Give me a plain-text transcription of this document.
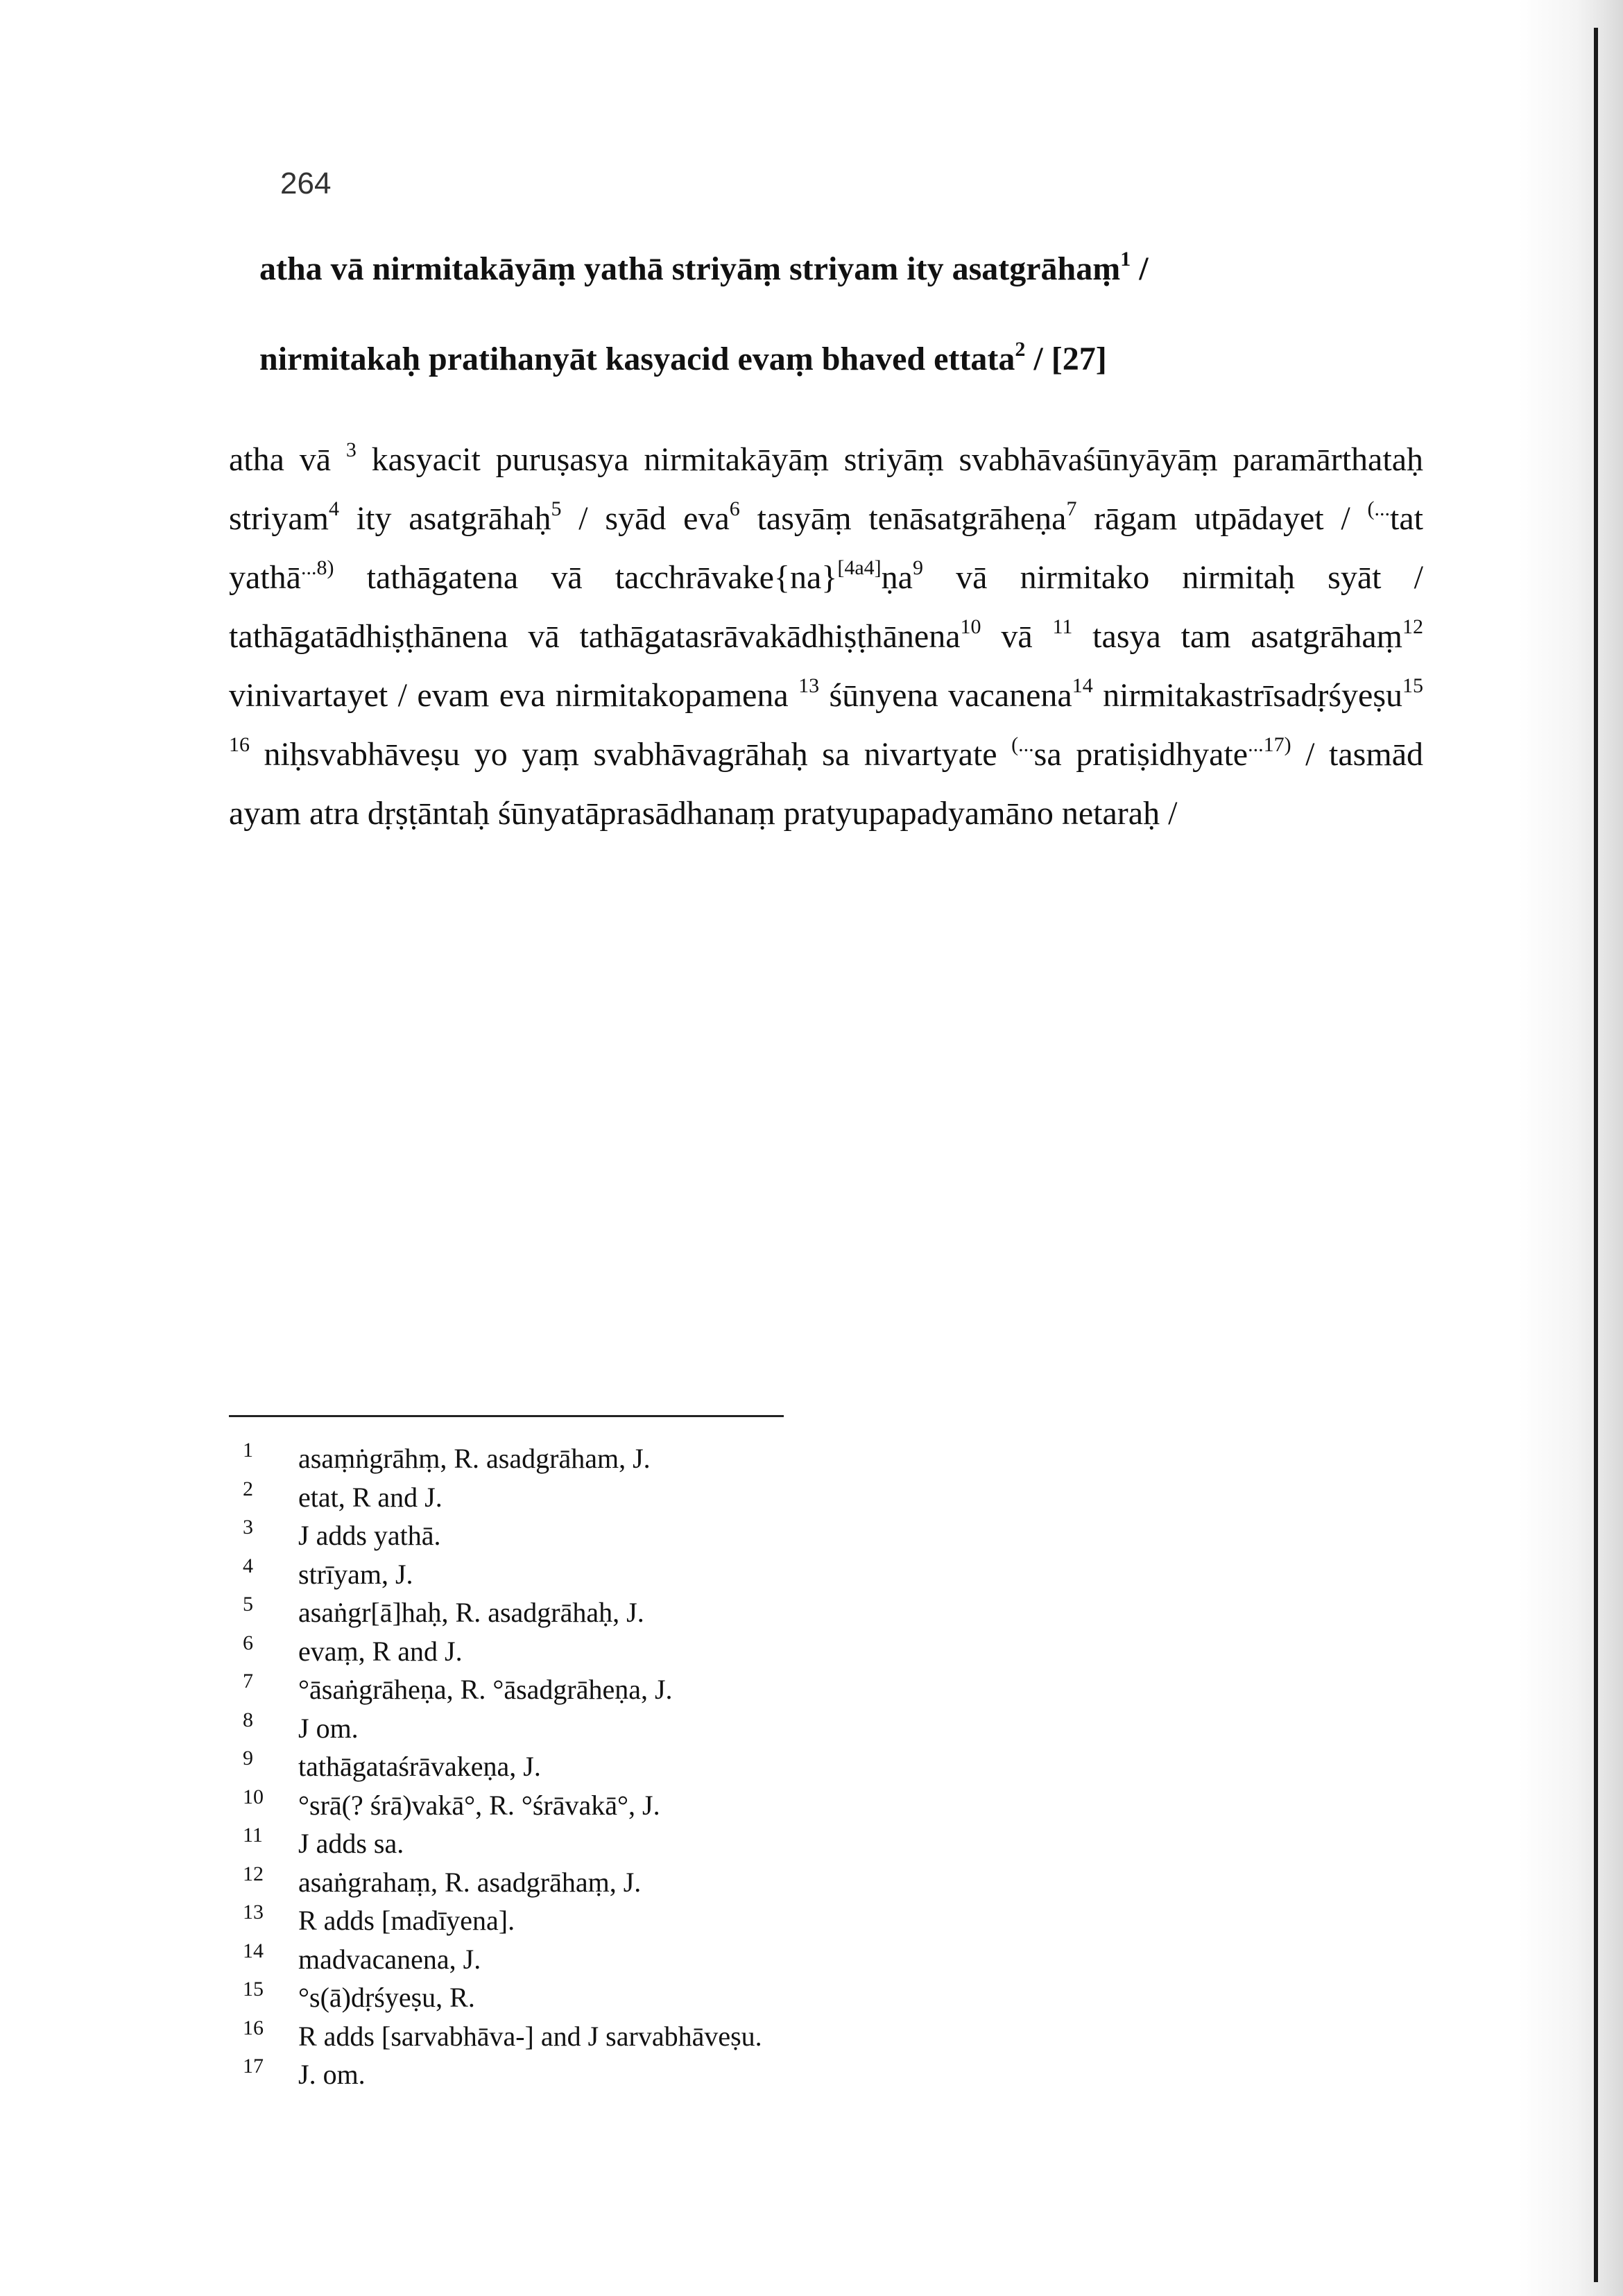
264
atha vā nirmitakāyāṃ yathā striyāṃ striyam ity asatgrāhaṃ$^1$ /
nirmitakaḥ pratihanyāt kasyacid evaṃ bhaved ettata$^2$ / [27]
atha vā $^3$ kasyacit puruṣasya nirmitakāyāṃ striyāṃ svabhāvaśūnyāyāṃ paramārthataḥ striyam$^4$ ity asatgrāhaḥ$^5$ / syād eva$^6$ tasyāṃ tenāsatgrāheṇa$^7$ rāgam utpādayet / (...tat yathā$^{...8)}$ tathāgatena vā tacchrāvake{na}[4a4]ṇa$^9$ vā nirmitako nirmitaḥ syāt / tathāgatādhiṣṭhānena vā tathāgatasrāvakādhiṣṭhānena$^{10}$ vā $^{11}$ tasya tam asatgrāhaṃ$^{12}$ vinivartayet / evam eva nirmitakopamena $^{13}$ śūnyena vacanena$^{14}$ nirmitakastrīsadṛśyeṣu$^{15}$ $^{16}$ niḥsvabhāveṣu yo yaṃ svabhāvagrāhaḥ sa nivartyate (...sa pratiṣidhyate$^{...17)}$ / tasmād ayam atra dṛṣṭāntaḥ śūnyatāprasādhanaṃ pratyupapadyamāno netaraḥ /
1 asaṃṅgrāhṃ, R. asadgrāham, J.
2 etat, R and J.
3 J adds yathā.
4 strīyam, J.
5 asaṅgr[ā]haḥ, R. asadgrāhaḥ, J.
6 evaṃ, R and J.
7 °āsaṅgrāheṇa, R. °āsadgrāheṇa, J.
8 J om.
9 tathāgataśrāvakeṇa, J.
10 °srā(? śrā)vakā°, R. °śrāvakā°, J.
11 J adds sa.
12 asaṅgrahaṃ, R. asadgrāhaṃ, J.
13 R adds [madīyena].
14 madvacanena, J.
15 °s(ā)dṛśyeṣu, R.
16 R adds [sarvabhāva-] and J sarvabhāveṣu.
17 J. om.
